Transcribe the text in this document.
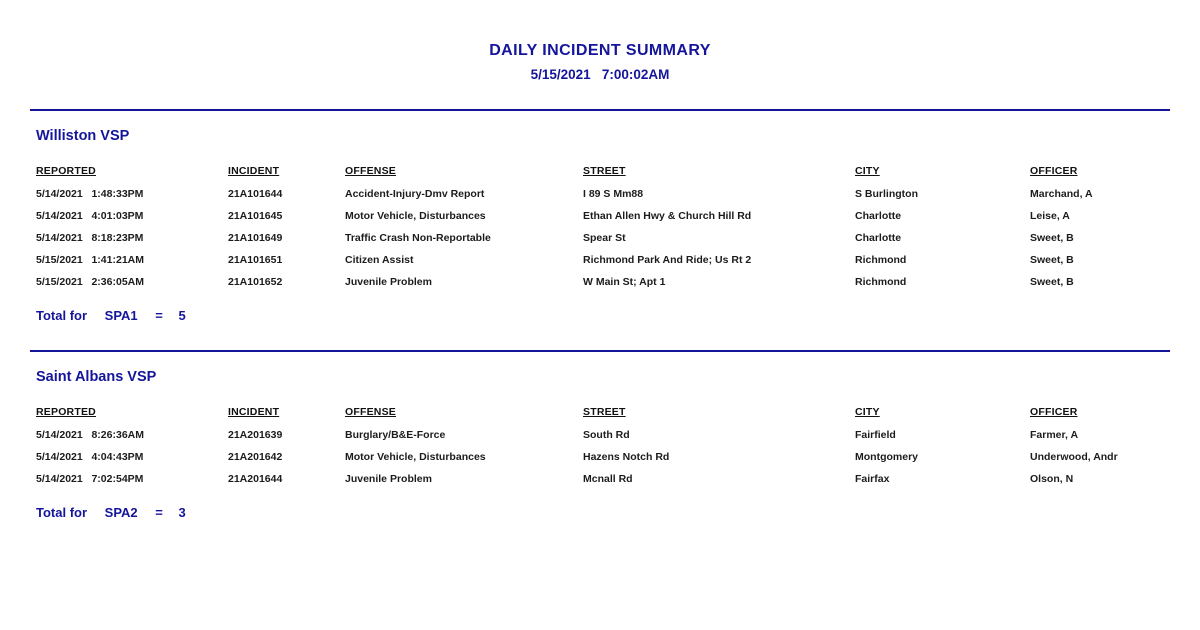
DAILY INCIDENT SUMMARY
5/15/2021   7:00:02AM
Williston VSP
REPORTED	INCIDENT	OFFENSE	STREET	CITY	OFFICER
5/14/2021   1:48:33PM	21A101644	Accident-Injury-Dmv Report	I 89 S Mm88	S Burlington	Marchand, A
5/14/2021   4:01:03PM	21A101645	Motor Vehicle, Disturbances	Ethan Allen Hwy & Church Hill Rd	Charlotte	Leise, A
5/14/2021   8:18:23PM	21A101649	Traffic Crash Non-Reportable	Spear St	Charlotte	Sweet, B
5/15/2021   1:41:21AM	21A101651	Citizen Assist	Richmond Park And Ride; Us Rt 2	Richmond	Sweet, B
5/15/2021   2:36:05AM	21A101652	Juvenile Problem	W Main St; Apt 1	Richmond	Sweet, B
Total for SPA1 = 5
Saint Albans VSP
REPORTED	INCIDENT	OFFENSE	STREET	CITY	OFFICER
5/14/2021   8:26:36AM	21A201639	Burglary/B&E-Force	South Rd	Fairfield	Farmer, A
5/14/2021   4:04:43PM	21A201642	Motor Vehicle, Disturbances	Hazens Notch Rd	Montgomery	Underwood, Andr
5/14/2021   7:02:54PM	21A201644	Juvenile Problem	Mcnall Rd	Fairfax	Olson, N
Total for SPA2 = 3
